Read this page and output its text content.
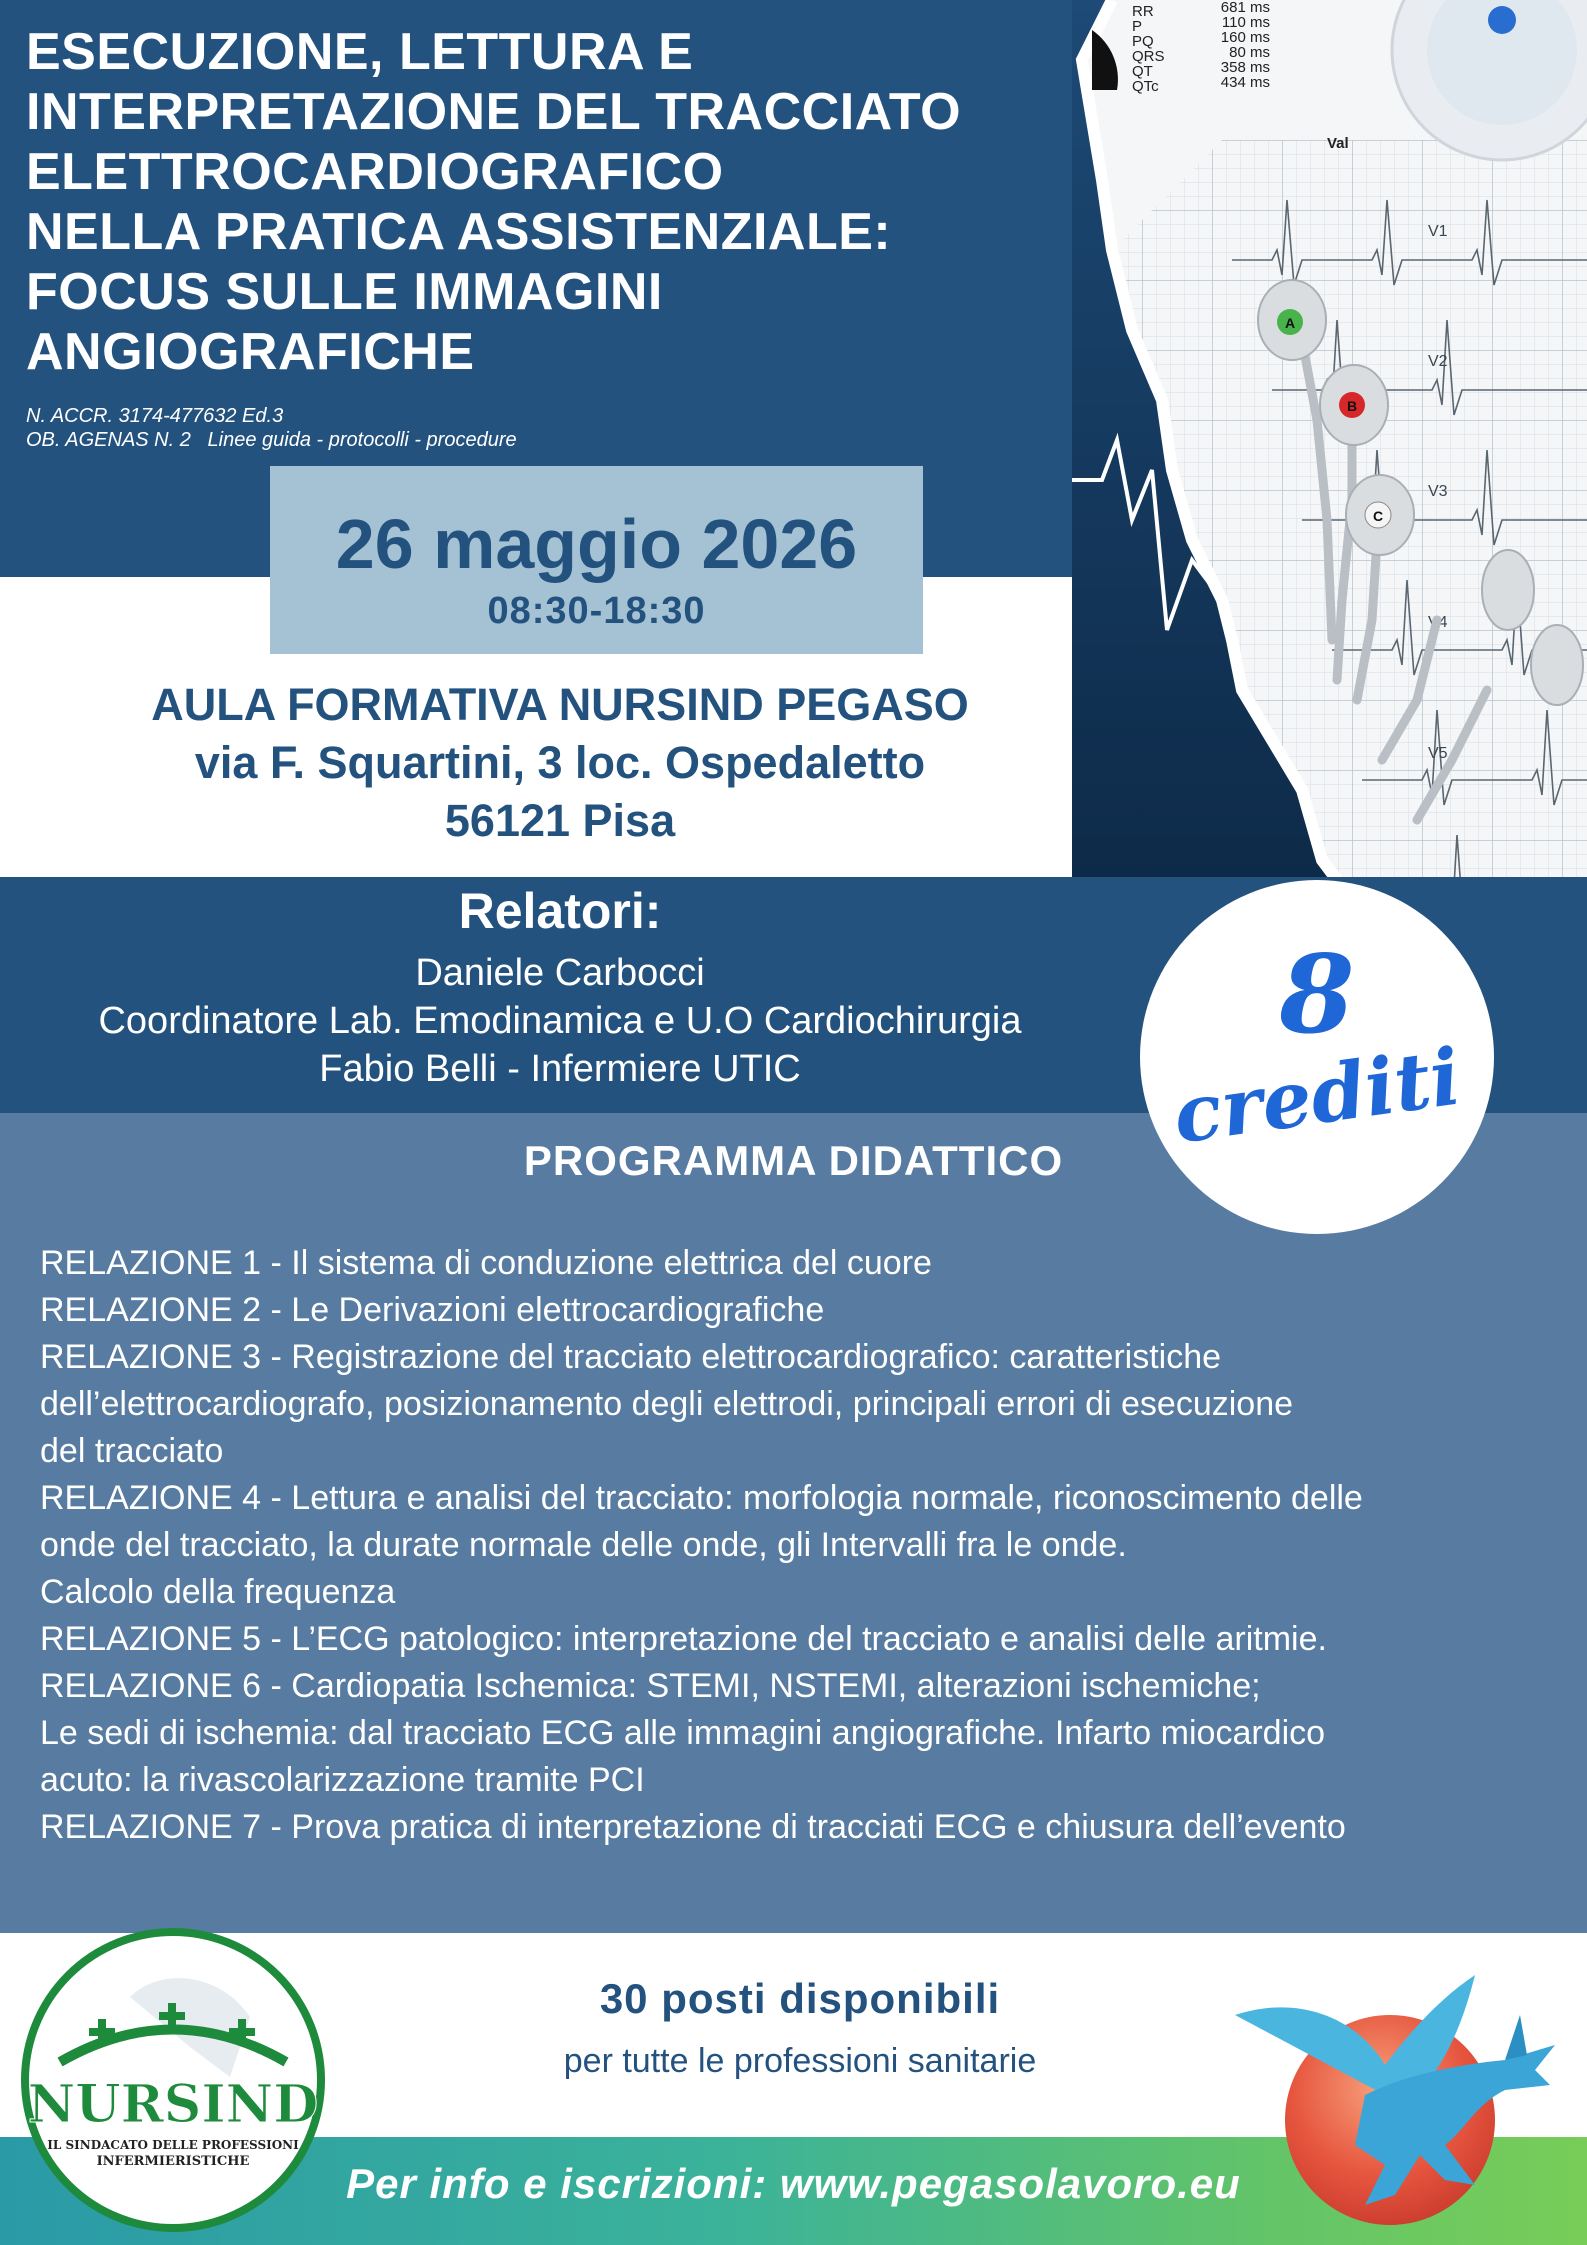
ESECUZIONE, LETTURA E
INTERPRETAZIONE DEL TRACCIATO
ELETTROCARDIOGRAFICO
NELLA PRATICA ASSISTENZIALE:
FOCUS SULLE IMMAGINI
ANGIOGRAFICHE
N. ACCR. 3174-477632 Ed.3
OB. AGENAS N. 2   Linee guida - protocolli - procedure
V1
V2
V3
V4
V5
RR
P
PQ
QRS
QT
QTc
681 ms
110 ms
160 ms
80 ms
358 ms
434 ms
Val
A
B
C
26 maggio 2026
08:30-18:30
AULA FORMATIVA NURSIND PEGASO
via F. Squartini, 3 loc. Ospedaletto
56121 Pisa
Relatori:
Daniele Carbocci
Coordinatore Lab. Emodinamica e U.O Cardiochirurgia
Fabio Belli - Infermiere UTIC
PROGRAMMA DIDATTICO
RELAZIONE 1 - Il sistema di conduzione elettrica del cuore
RELAZIONE 2 - Le Derivazioni elettrocardiografiche
RELAZIONE 3 - Registrazione del tracciato elettrocardiografico: caratteristiche
dell’elettrocardiografo, posizionamento degli elettrodi, principali errori di esecuzione
del tracciato
RELAZIONE 4 - Lettura e analisi del tracciato: morfologia normale, riconoscimento delle
onde del tracciato, la durate normale delle onde, gli Intervalli fra le onde.
Calcolo della frequenza
RELAZIONE 5 - L’ECG patologico: interpretazione del tracciato e analisi delle aritmie.
RELAZIONE 6 - Cardiopatia Ischemica: STEMI, NSTEMI, alterazioni ischemiche;
Le sedi di ischemia: dal tracciato ECG alle immagini angiografiche. Infarto miocardico
acuto: la rivascolarizzazione tramite PCI
RELAZIONE 7 - Prova pratica di interpretazione di tracciati ECG e chiusura dell’evento
8
crediti
30 posti disponibili
per tutte le professioni sanitarie
Per info e iscrizioni: www.pegasolavoro.eu
NURSIND
IL SINDACATO DELLE PROFESSIONI
INFERMIERISTICHE
